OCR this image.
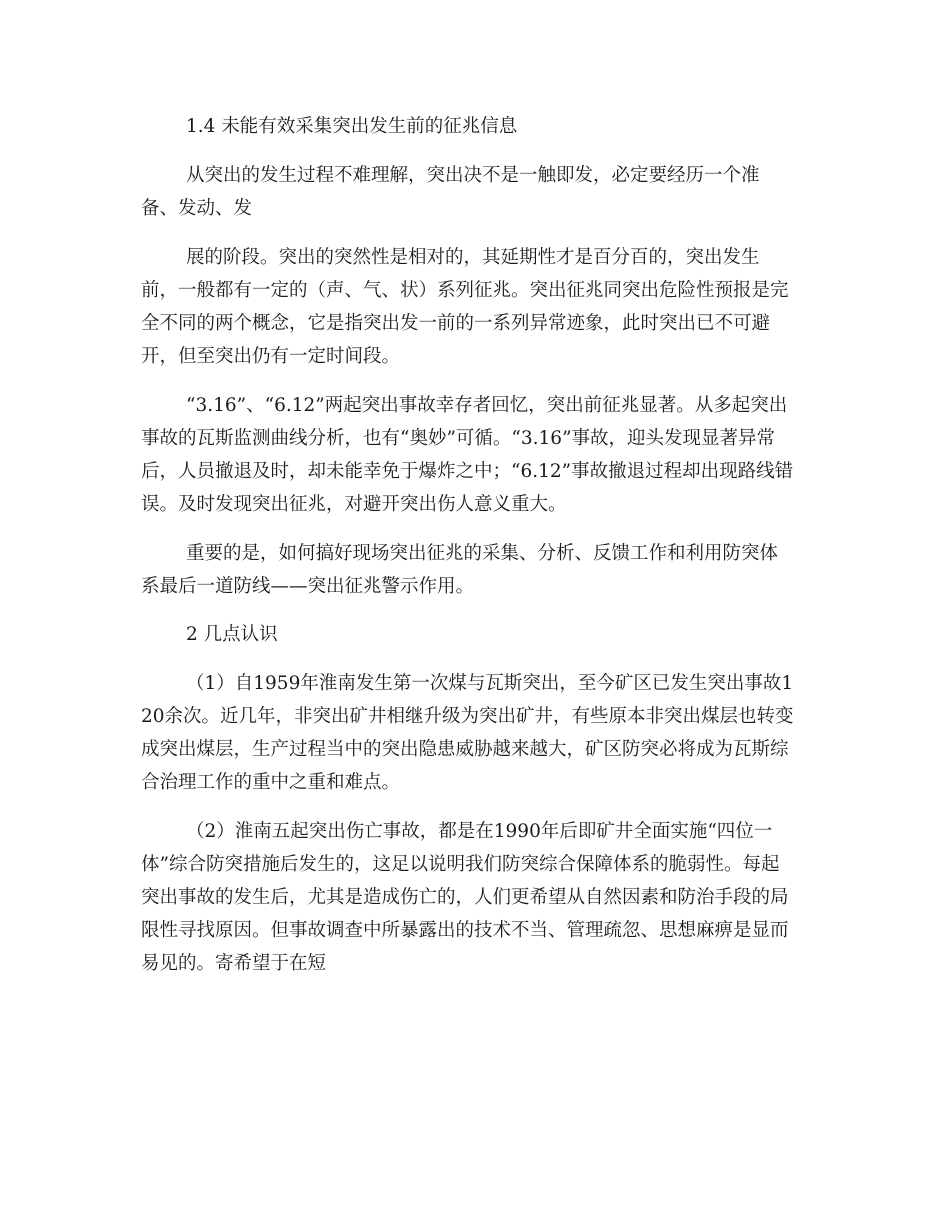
1.4 未能有效采集突出发生前的征兆信息

从突出的发生过程不难理解，突出决不是一触即发，必定要经历一个准备、发动、发

展的阶段。突出的突然性是相对的，其延期性才是百分百的，突出发生前，一般都有一定的（声、气、状）系列征兆。突出征兆同突出危险性预报是完全不同的两个概念，它是指突出发一前的一系列异常迹象，此时突出已不可避开，但至突出仍有一定时间段。

“3.16”、“6.12”两起突出事故幸存者回忆，突出前征兆显著。从多起突出事故的瓦斯监测曲线分析，也有“奥妙”可循。“3.16”事故，迎头发现显著异常后，人员撤退及时，却未能幸免于爆炸之中；“6.12”事故撤退过程却出现路线错误。及时发现突出征兆，对避开突出伤人意义重大。

重要的是，如何搞好现场突出征兆的采集、分析、反馈工作和利用防突体系最后一道防线——突出征兆警示作用。

2 几点认识

（1）自1959年淮南发生第一次煤与瓦斯突出，至今矿区已发生突出事故120余次。近几年，非突出矿井相继升级为突出矿井，有些原本非突出煤层也转变成突出煤层，生产过程当中的突出隐患威胁越来越大，矿区防突必将成为瓦斯综合治理工作的重中之重和难点。

（2）淮南五起突出伤亡事故，都是在1990年后即矿井全面实施“四位一体”综合防突措施后发生的，这足以说明我们防突综合保障体系的脆弱性。每起突出事故的发生后，尤其是造成伤亡的，人们更希望从自然因素和防治手段的局限性寻找原因。但事故调查中所暴露出的技术不当、管理疏忽、思想麻痹是显而易见的。寄希望于在短
